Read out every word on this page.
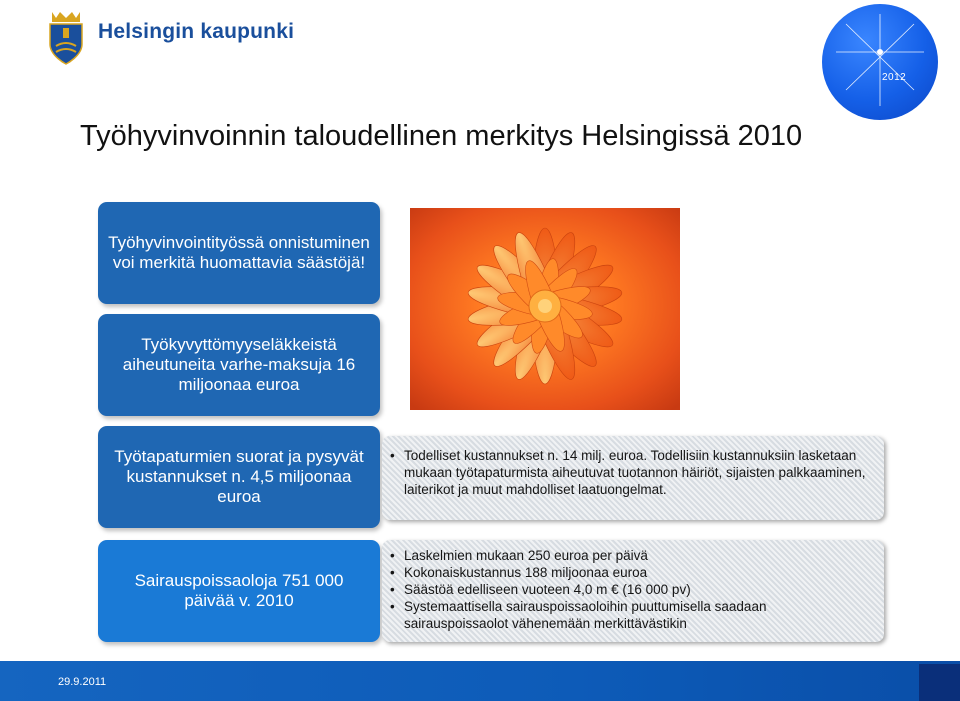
Helsingin kaupunki
2012
Työhyvinvoinnin taloudellinen merkitys Helsingissä 2010
Työhyvinvointityössä onnistuminen voi merkitä huomattavia säästöjä!
Työkyvyttömyyseläkkeistä aiheutuneita varhe-maksuja 16 miljoonaa euroa
Työtapaturmien suorat ja pysyvät kustannukset n. 4,5 miljoonaa euroa
Sairauspoissaoloja 751 000 päivää v. 2010
• Todelliset kustannukset n. 14 milj. euroa. Todellisiin kustannuksiin lasketaan mukaan työtapaturmista aiheutuvat tuotannon häiriöt, sijaisten palkkaaminen, laiterikot ja muut mahdolliset laatuongelmat.
• Laskelmien mukaan 250 euroa per päivä
• Kokonaiskustannus 188 miljoonaa euroa
• Säästöä edelliseen vuoteen 4,0 m € (16 000 pv)
• Systemaattisella sairauspoissaoloihin puuttumisella saadaan sairauspoissaolot vähenemään merkittävästikin
29.9.2011
